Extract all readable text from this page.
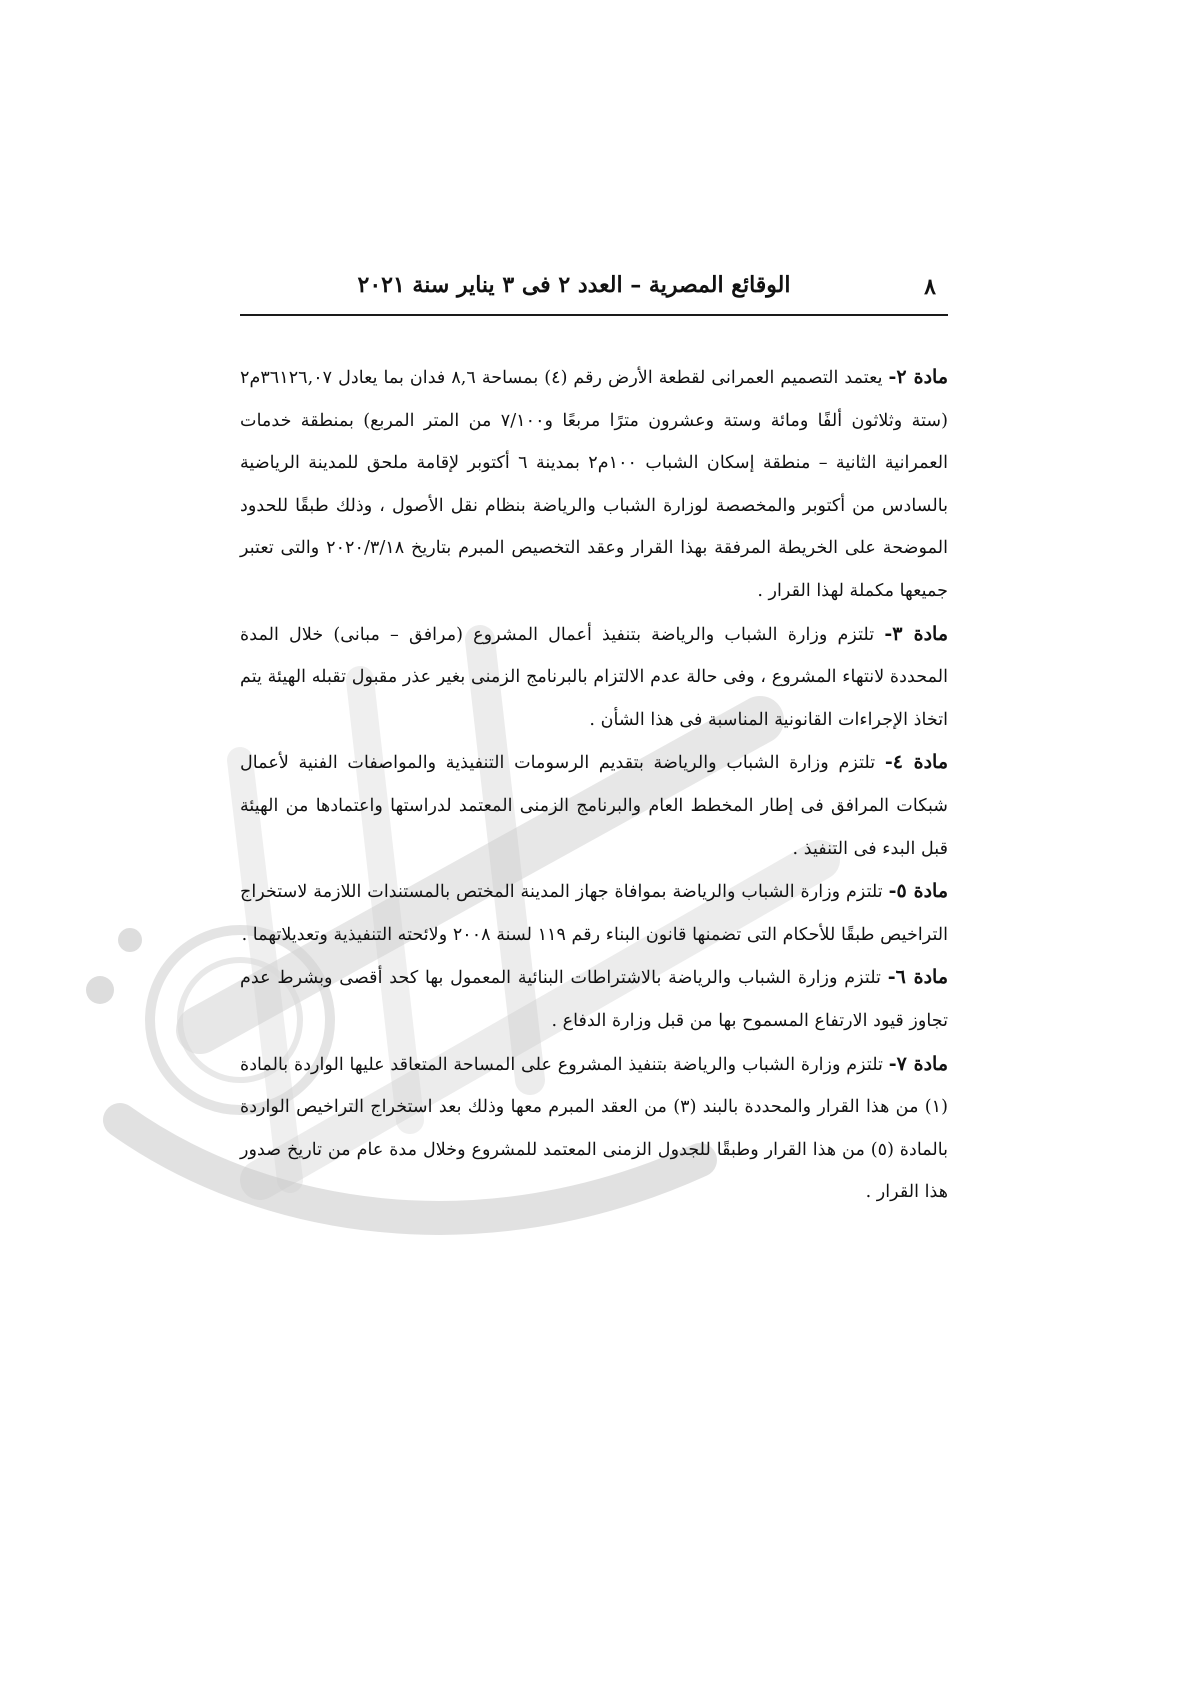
٨
الوقائع المصرية – العدد ٢ فى ٣ يناير سنة ٢٠٢١

مادة ٢- يعتمد التصميم العمرانى لقطعة الأرض رقم (٤) بمساحة ٨,٦ فدان بما يعادل ٣٦١٢٦,٠٧م٢ (ستة وثلاثون ألفًا ومائة وستة وعشرون مترًا مربعًا و٧/١٠٠ من المتر المربع) بمنطقة خدمات العمرانية الثانية – منطقة إسكان الشباب ١٠٠م٢ بمدينة ٦ أكتوبر لإقامة ملحق للمدينة الرياضية بالسادس من أكتوبر والمخصصة لوزارة الشباب والرياضة بنظام نقل الأصول ، وذلك طبقًا للحدود الموضحة على الخريطة المرفقة بهذا القرار وعقد التخصيص المبرم بتاريخ ٢٠٢٠/٣/١٨ والتى تعتبر جميعها مكملة لهذا القرار .

مادة ٣- تلتزم وزارة الشباب والرياضة بتنفيذ أعمال المشروع (مرافق – مبانى) خلال المدة المحددة لانتهاء المشروع ، وفى حالة عدم الالتزام بالبرنامج الزمنى بغير عذر مقبول تقبله الهيئة يتم اتخاذ الإجراءات القانونية المناسبة فى هذا الشأن .

مادة ٤- تلتزم وزارة الشباب والرياضة بتقديم الرسومات التنفيذية والمواصفات الفنية لأعمال شبكات المرافق فى إطار المخطط العام والبرنامج الزمنى المعتمد لدراستها واعتمادها من الهيئة قبل البدء فى التنفيذ .

مادة ٥- تلتزم وزارة الشباب والرياضة بموافاة جهاز المدينة المختص بالمستندات اللازمة لاستخراج التراخيص طبقًا للأحكام التى تضمنها قانون البناء رقم ١١٩ لسنة ٢٠٠٨ ولائحته التنفيذية وتعديلاتهما .

مادة ٦- تلتزم وزارة الشباب والرياضة بالاشتراطات البنائية المعمول بها كحد أقصى وبشرط عدم تجاوز قيود الارتفاع المسموح بها من قبل وزارة الدفاع .

مادة ٧- تلتزم وزارة الشباب والرياضة بتنفيذ المشروع على المساحة المتعاقد عليها الواردة بالمادة (١) من هذا القرار والمحددة بالبند (٣) من العقد المبرم معها وذلك بعد استخراج التراخيص الواردة بالمادة (٥) من هذا القرار وطبقًا للجدول الزمنى المعتمد للمشروع وخلال مدة عام من تاريخ صدور هذا القرار .
